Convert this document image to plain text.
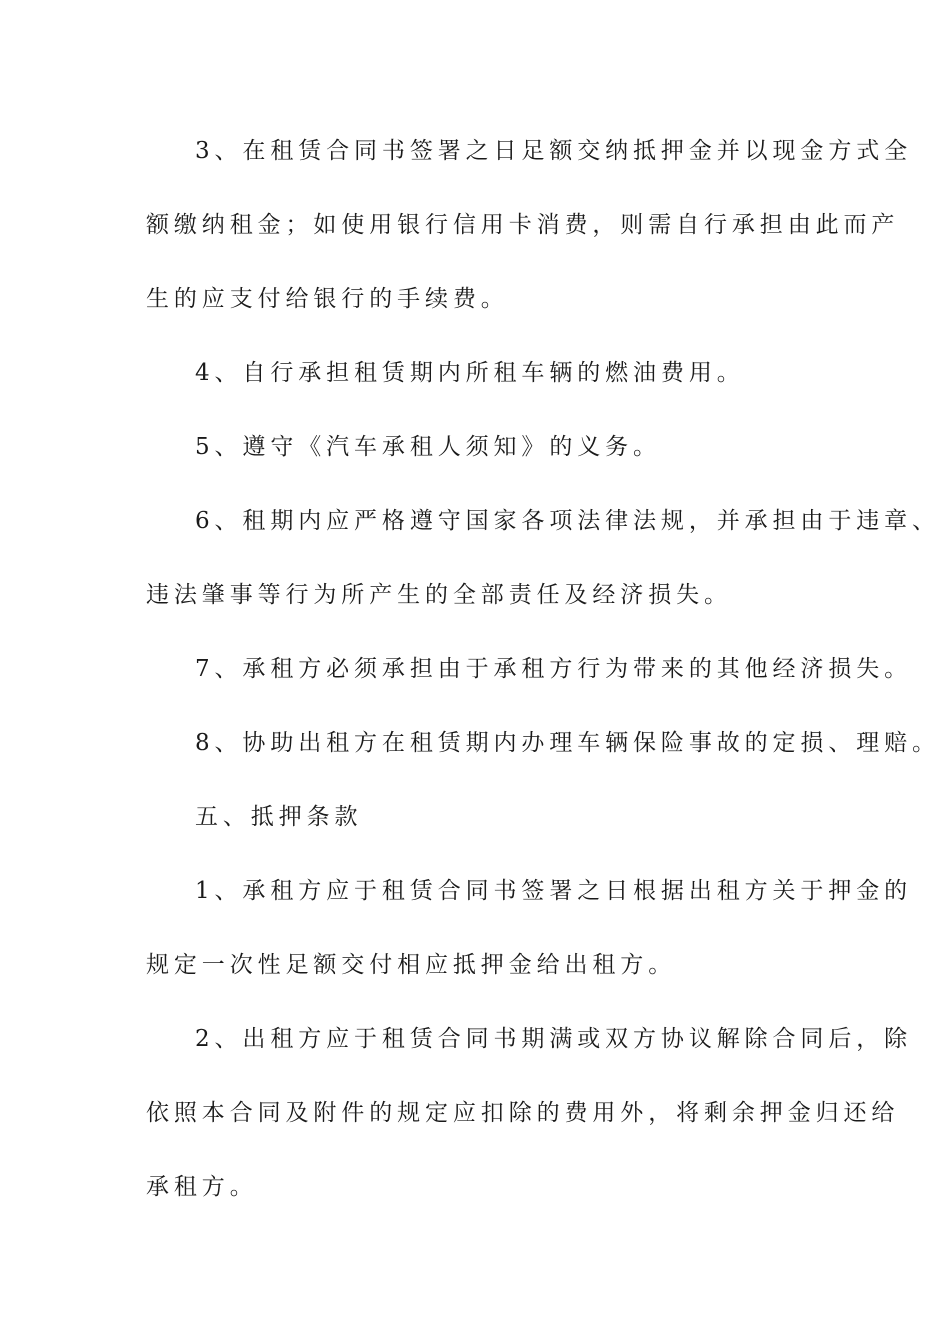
3、在租赁合同书签署之日足额交纳抵押金并以现金方式全
额缴纳租金；如使用银行信用卡消费，则需自行承担由此而产
生的应支付给银行的手续费。
4、自行承担租赁期内所租车辆的燃油费用。
5、遵守《汽车承租人须知》的义务。
6、租期内应严格遵守国家各项法律法规，并承担由于违章、
违法肇事等行为所产生的全部责任及经济损失。
7、承租方必须承担由于承租方行为带来的其他经济损失。
8、协助出租方在租赁期内办理车辆保险事故的定损、理赔。
五、抵押条款
1、承租方应于租赁合同书签署之日根据出租方关于押金的
规定一次性足额交付相应抵押金给出租方。
2、出租方应于租赁合同书期满或双方协议解除合同后，除
依照本合同及附件的规定应扣除的费用外，将剩余押金归还给
承租方。
